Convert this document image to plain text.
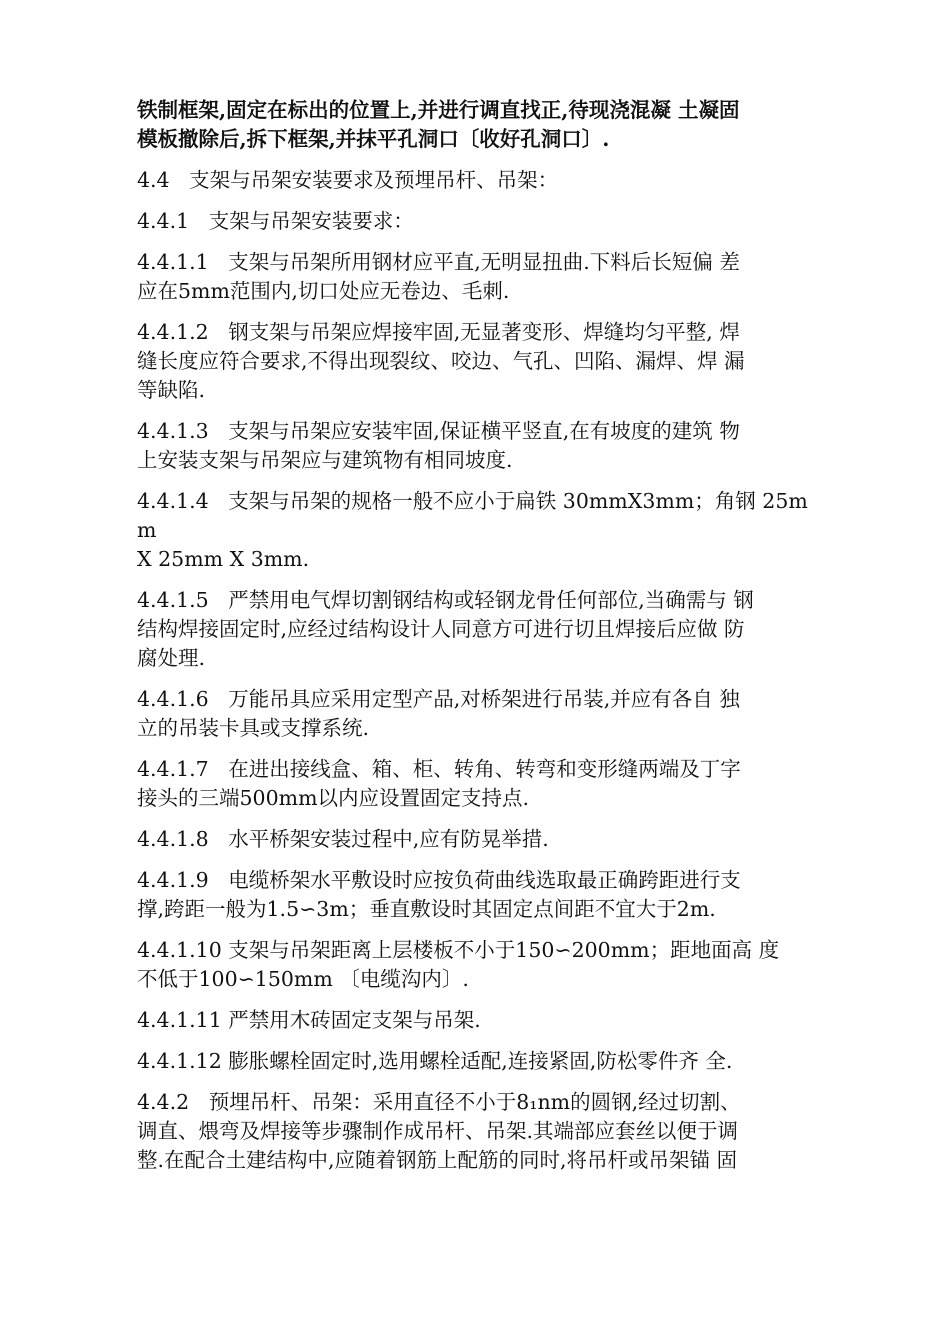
铁制框架,固定在标出的位置上,并进行调直找正,待现浇混凝 土凝固
模板撤除后,拆下框架,并抹平孔洞口〔收好孔洞口〕.

4.4   支架与吊架安装要求及预埋吊杆、吊架：

4.4.1   支架与吊架安装要求：

4.4.1.1   支架与吊架所用钢材应平直,无明显扭曲.下料后长短偏 差
应在5mm范围内,切口处应无卷边、毛刺.

4.4.1.2   钢支架与吊架应焊接牢固,无显著变形、焊缝均匀平整, 焊
缝长度应符合要求,不得出现裂纹、咬边、气孔、凹陷、漏焊、焊 漏
等缺陷.

4.4.1.3   支架与吊架应安装牢固,保证横平竖直,在有坡度的建筑 物
上安装支架与吊架应与建筑物有相同坡度.

4.4.1.4   支架与吊架的规格一般不应小于扁铁 30mmX3mm；角钢 25mm
X 25mm X 3mm.

4.4.1.5   严禁用电气焊切割钢结构或轻钢龙骨任何部位,当确需与 钢
结构焊接固定时,应经过结构设计人同意方可进行切且焊接后应做 防
腐处理.

4.4.1.6   万能吊具应采用定型产品,对桥架进行吊装,并应有各自 独
立的吊装卡具或支撑系统.

4.4.1.7   在进出接线盒、箱、柜、转角、转弯和变形缝两端及丁字
接头的三端500mm以内应设置固定支持点.

4.4.1.8   水平桥架安装过程中,应有防晃举措.

4.4.1.9   电缆桥架水平敷设时应按负荷曲线选取最正确跨距进行支
撑,跨距一般为1.5∽3m；垂直敷设时其固定点间距不宜大于2m.

4.4.1.10 支架与吊架距离上层楼板不小于150∽200mm；距地面高 度
不低于100∽150mm 〔电缆沟内〕.

4.4.1.11 严禁用木砖固定支架与吊架.

4.4.1.12 膨胀螺栓固定时,选用螺栓适配,连接紧固,防松零件齐 全.

4.4.2   预埋吊杆、吊架：采用直径不小于8₁nm的圆钢,经过切割、
调直、煨弯及焊接等步骤制作成吊杆、吊架.其端部应套丝以便于调
整.在配合土建结构中,应随着钢筋上配筋的同时,将吊杆或吊架锚 固
